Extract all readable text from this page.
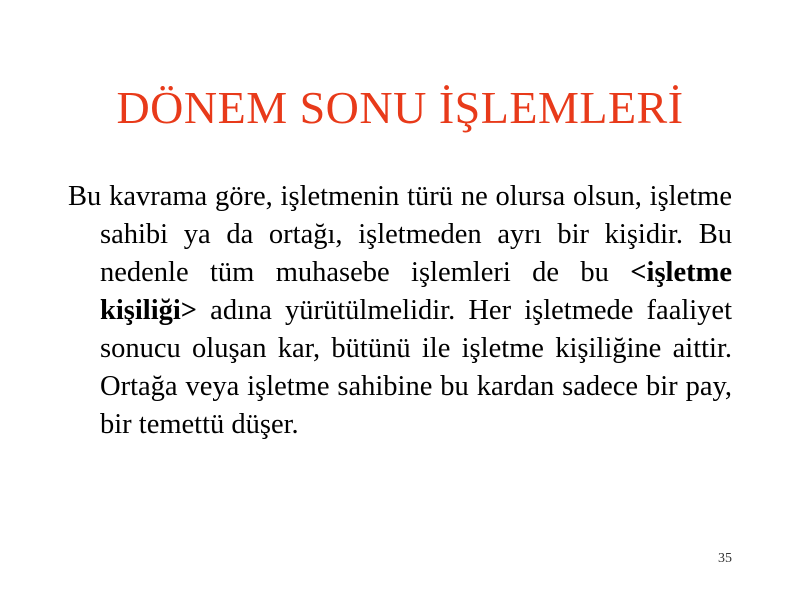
DÖNEM SONU İŞLEMLERİ

Bu kavrama göre, işletmenin türü ne olursa olsun, işletme sahibi ya da ortağı, işletmeden ayrı bir kişidir. Bu nedenle tüm muhasebe işlemleri de bu <işletme kişiliği> adına yürütülmelidir. Her işletmede faaliyet sonucu oluşan kar, bütünü ile işletme kişiliğine aittir. Ortağa veya işletme sahibine bu kardan sadece bir pay, bir temettü düşer.

35
